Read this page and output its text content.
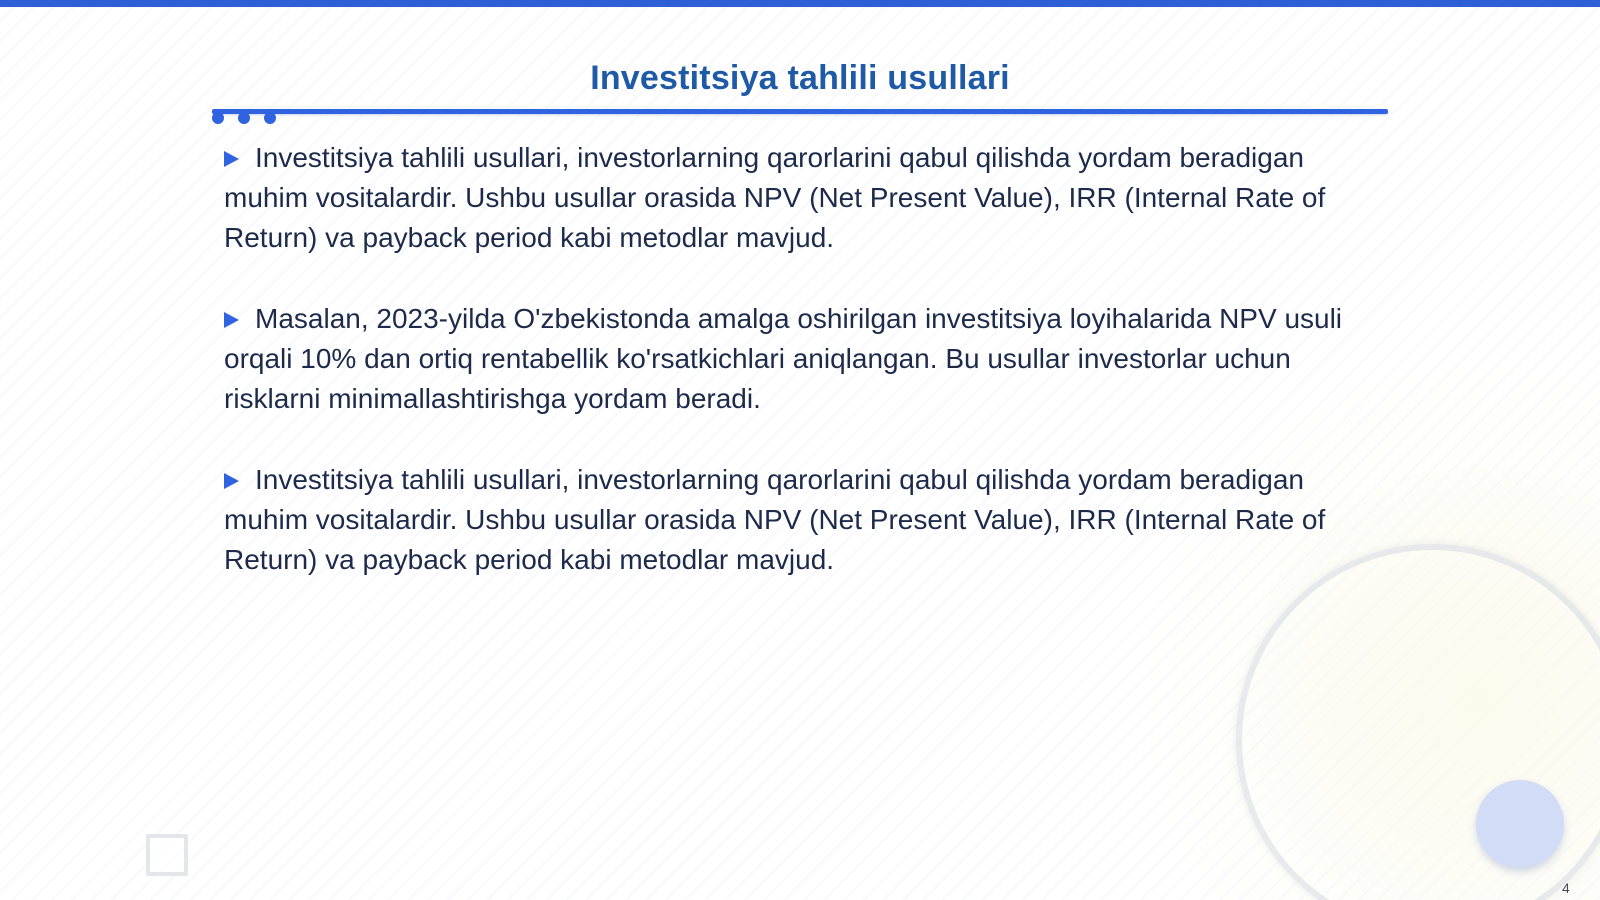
Investitsiya tahlili usullari

Investitsiya tahlili usullari, investorlarning qarorlarini qabul qilishda yordam beradigan muhim vositalardir. Ushbu usullar orasida NPV (Net Present Value), IRR (Internal Rate of Return) va payback period kabi metodlar mavjud.

Masalan, 2023-yilda O'zbekistonda amalga oshirilgan investitsiya loyihalarida NPV usuli orqali 10% dan ortiq rentabellik ko'rsatkichlari aniqlangan. Bu usullar investorlar uchun risklarni minimallashtirishga yordam beradi.

Investitsiya tahlili usullari, investorlarning qarorlarini qabul qilishda yordam beradigan muhim vositalardir. Ushbu usullar orasida NPV (Net Present Value), IRR (Internal Rate of Return) va payback period kabi metodlar mavjud.

4
